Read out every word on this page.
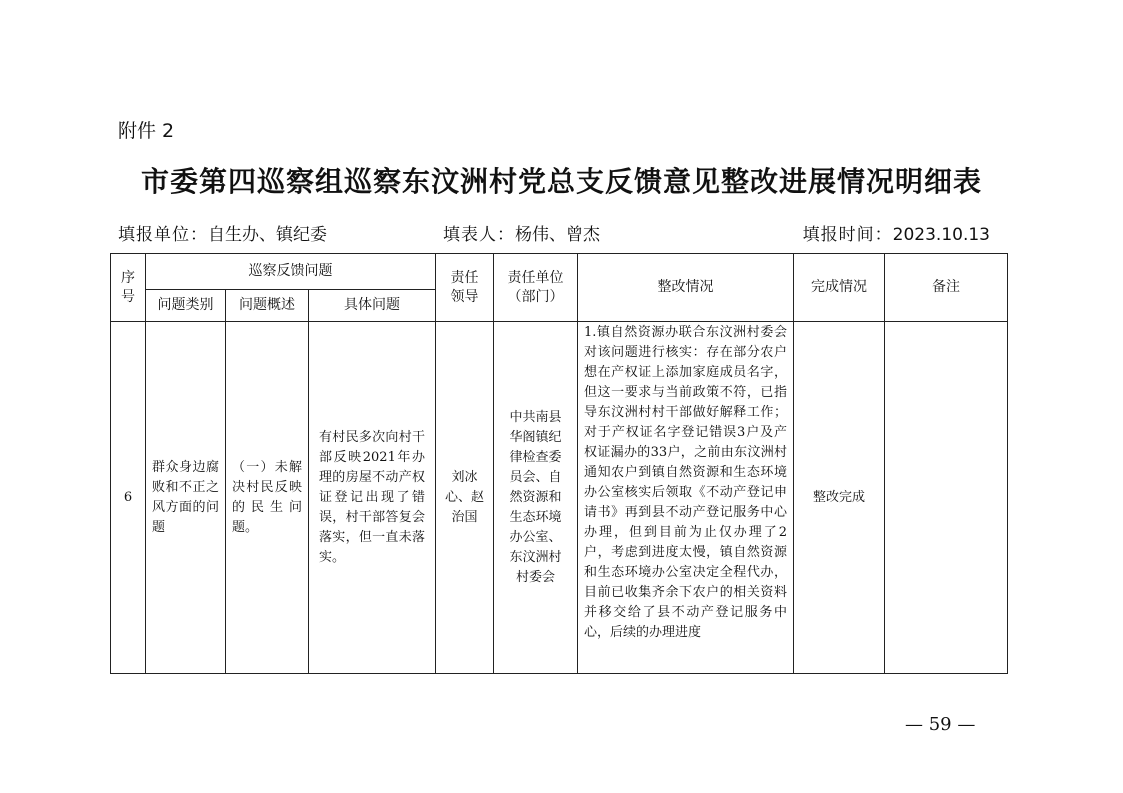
附件 2
市委第四巡察组巡察东汶洲村党总支反馈意见整改进展情况明细表
填报单位：自生办、镇纪委	填表人：杨伟、曾杰	填报时间：2023.10.13
序号	巡察反馈问题			责任领导	责任单位（部门）	整改情况	完成情况	备注
	问题类别	问题概述	具体问题					

6	群众身边腐败和不正之风方面的问题	（一）未解决村民反映的民生问题。	有村民多次向村干部反映2021年办理的房屋不动产权证登记出现了错误，村干部答复会落实，但一直未落实。	刘冰心、赵治国	中共南县华阁镇纪律检查委员会、自然资源和生态环境办公室、东汶洲村村委会	1.镇自然资源办联合东汶洲村委会对该问题进行核实：存在部分农户想在产权证上添加家庭成员名字，但这一要求与当前政策不符，已指导东汶洲村村干部做好解释工作；对于产权证名字登记错误3户及产权证漏办的33户，之前由东汶洲村通知农户到镇自然资源和生态环境办公室核实后领取《不动产登记申请书》再到县不动产登记服务中心办理，但到目前为止仅办理了2户，考虑到进度太慢，镇自然资源和生态环境办公室决定全程代办，目前已收集齐余下农户的相关资料并移交给了县不动产登记服务中心，后续的办理进度	整改完成	

— 59 —
